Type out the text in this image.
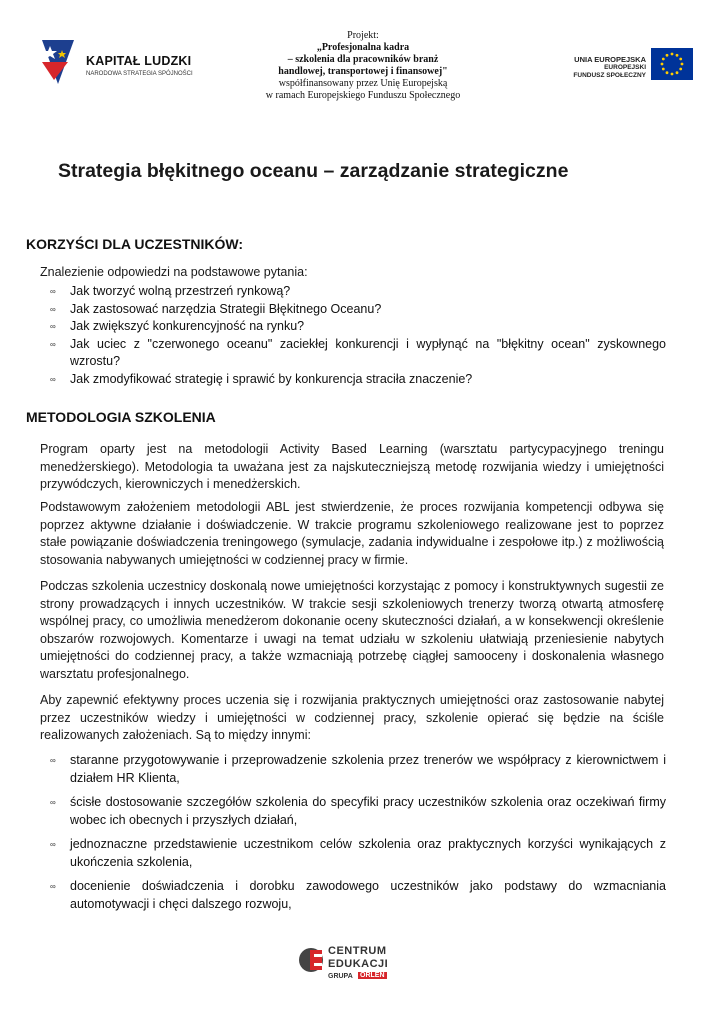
KAPITAŁ LUDZKI
NARODOWA STRATEGIA SPÓJNOŚCI
Projekt:
„Profesjonalna kadra
– szkolenia dla pracowników branż
handlowej, transportowej i finansowej"
współfinansowany przez Unię Europejską
w ramach Europejskiego Funduszu Społecznego
UNIA EUROPEJSKA
EUROPEJSKI
FUNDUSZ SPOŁECZNY
Strategia błękitnego oceanu – zarządzanie strategiczne
KORZYŚCI DLA UCZESTNIKÓW:
Znalezienie odpowiedzi na podstawowe pytania:
∞ Jak tworzyć wolną przestrzeń rynkową?
∞ Jak zastosować narzędzia Strategii Błękitnego Oceanu?
∞ Jak zwiększyć konkurencyjność na rynku?
∞ Jak uciec z "czerwonego oceanu" zaciekłej konkurencji i wypłynąć na "błękitny ocean" zyskownego wzrostu?
∞ Jak zmodyfikować strategię i sprawić by konkurencja straciła znaczenie?
METODOLOGIA SZKOLENIA
Program oparty jest na metodologii Activity Based Learning (warsztatu partycypacyjnego treningu menedżerskiego). Metodologia ta uważana jest za najskuteczniejszą metodę rozwijania wiedzy i umiejętności przywódczych, kierowniczych i menedżerskich.
Podstawowym założeniem metodologii ABL jest stwierdzenie, że proces rozwijania kompetencji odbywa się poprzez aktywne działanie i doświadczenie. W trakcie programu szkoleniowego realizowane jest to poprzez stałe powiązanie doświadczenia treningowego (symulacje, zadania indywidualne i zespołowe itp.) z możliwością stosowania nabywanych umiejętności w codziennej pracy w firmie.
Podczas szkolenia uczestnicy doskonalą nowe umiejętności korzystając z pomocy i konstruktywnych sugestii ze strony prowadzących i innych uczestników. W trakcie sesji szkoleniowych trenerzy tworzą otwartą atmosferę wspólnej pracy, co umożliwia menedżerom dokonanie oceny skuteczności działań, a w konsekwencji określenie obszarów rozwojowych. Komentarze i uwagi na temat udziału w szkoleniu ułatwiają przeniesienie nabytych umiejętności do codziennej pracy, a także wzmacniają potrzebę ciągłej samooceny i doskonalenia własnego warsztatu profesjonalnego.
Aby zapewnić efektywny proces uczenia się i rozwijania praktycznych umiejętności oraz zastosowanie nabytej przez uczestników wiedzy i umiejętności w codziennej pracy, szkolenie opierać się będzie na ściśle realizowanych założeniach. Są to między innymi:
∞ staranne przygotowywanie i przeprowadzenie szkolenia przez trenerów we współpracy z kierownictwem i działem HR Klienta,
∞ ścisłe dostosowanie szczegółów szkolenia do specyfiki pracy uczestników szkolenia oraz oczekiwań firmy wobec ich obecnych i przyszłych działań,
∞ jednoznaczne przedstawienie uczestnikom celów szkolenia oraz praktycznych korzyści wynikających z ukończenia szkolenia,
∞ docenienie doświadczenia i dorobku zawodowego uczestników jako podstawy do wzmacniania automotywacji i chęci dalszego rozwoju,
CENTRUM
EDUKACJI
GRUPA ORLEN
